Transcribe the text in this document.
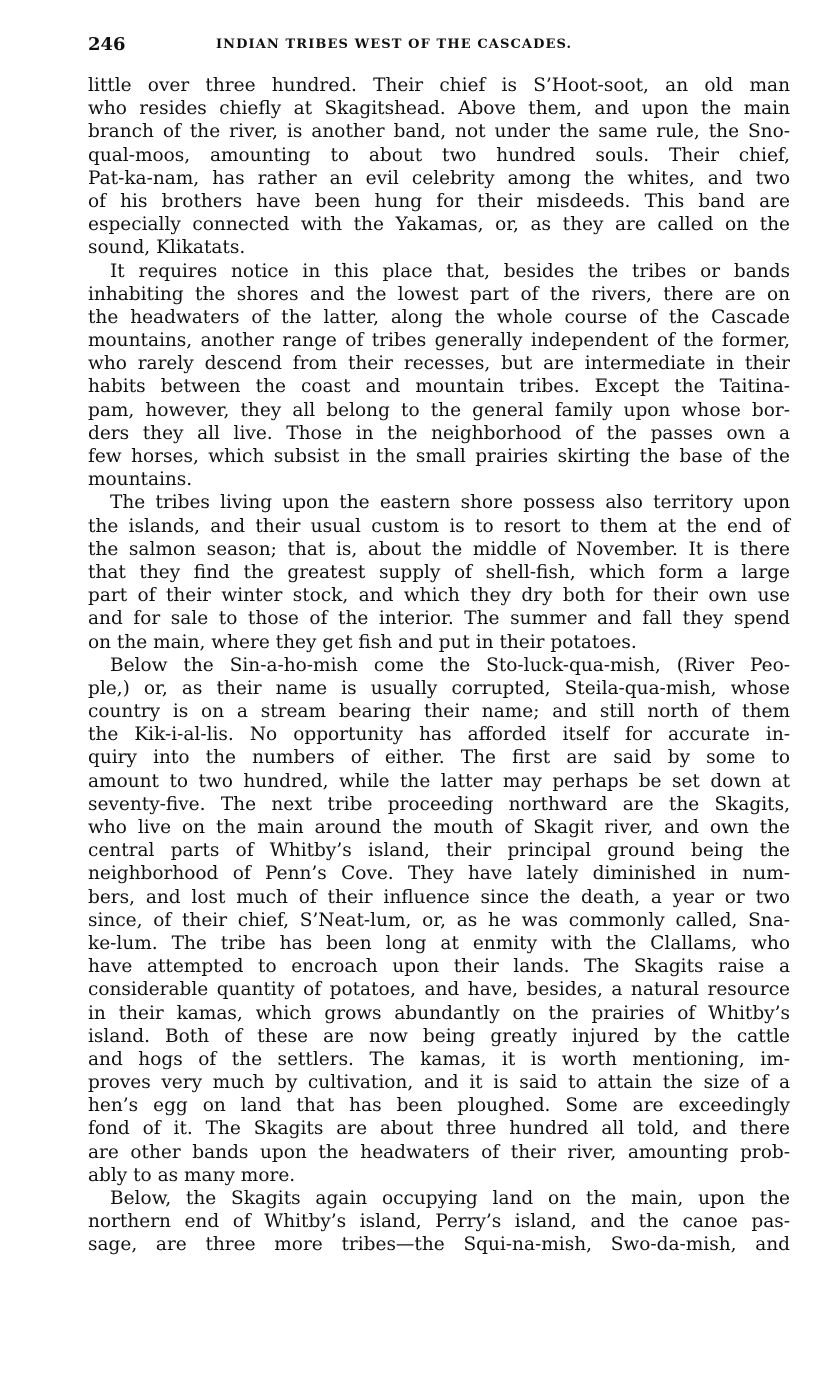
246	INDIAN TRIBES WEST OF THE CASCADES.
little over three hundred. Their chief is S’Hoot-soot, an old man
who resides chiefly at Skagitshead. Above them, and upon the main
branch of the river, is another band, not under the same rule, the Sno-
qual-moos, amounting to about two hundred souls. Their chief,
Pat-ka-nam, has rather an evil celebrity among the whites, and two
of his brothers have been hung for their misdeeds. This band are
especially connected with the Yakamas, or, as they are called on the
sound, Klikatats.
It requires notice in this place that, besides the tribes or bands
inhabiting the shores and the lowest part of the rivers, there are on
the headwaters of the latter, along the whole course of the Cascade
mountains, another range of tribes generally independent of the former,
who rarely descend from their recesses, but are intermediate in their
habits between the coast and mountain tribes. Except the Taitina-
pam, however, they all belong to the general family upon whose bor-
ders they all live. Those in the neighborhood of the passes own a
few horses, which subsist in the small prairies skirting the base of the
mountains.
The tribes living upon the eastern shore possess also territory upon
the islands, and their usual custom is to resort to them at the end of
the salmon season; that is, about the middle of November. It is there
that they find the greatest supply of shell-fish, which form a large
part of their winter stock, and which they dry both for their own use
and for sale to those of the interior. The summer and fall they spend
on the main, where they get fish and put in their potatoes.
Below the Sin-a-ho-mish come the Sto-luck-qua-mish, (River Peo-
ple,) or, as their name is usually corrupted, Steila-qua-mish, whose
country is on a stream bearing their name; and still north of them
the Kik-i-al-lis. No opportunity has afforded itself for accurate in-
quiry into the numbers of either. The first are said by some to
amount to two hundred, while the latter may perhaps be set down at
seventy-five. The next tribe proceeding northward are the Skagits,
who live on the main around the mouth of Skagit river, and own the
central parts of Whitby’s island, their principal ground being the
neighborhood of Penn’s Cove. They have lately diminished in num-
bers, and lost much of their influence since the death, a year or two
since, of their chief, S’Neat-lum, or, as he was commonly called, Sna-
ke-lum. The tribe has been long at enmity with the Clallams, who
have attempted to encroach upon their lands. The Skagits raise a
considerable quantity of potatoes, and have, besides, a natural resource
in their kamas, which grows abundantly on the prairies of Whitby’s
island. Both of these are now being greatly injured by the cattle
and hogs of the settlers. The kamas, it is worth mentioning, im-
proves very much by cultivation, and it is said to attain the size of a
hen’s egg on land that has been ploughed. Some are exceedingly
fond of it. The Skagits are about three hundred all told, and there
are other bands upon the headwaters of their river, amounting prob-
ably to as many more.
Below, the Skagits again occupying land on the main, upon the
northern end of Whitby’s island, Perry’s island, and the canoe pas-
sage, are three more tribes—the Squi-na-mish, Swo-da-mish, and
